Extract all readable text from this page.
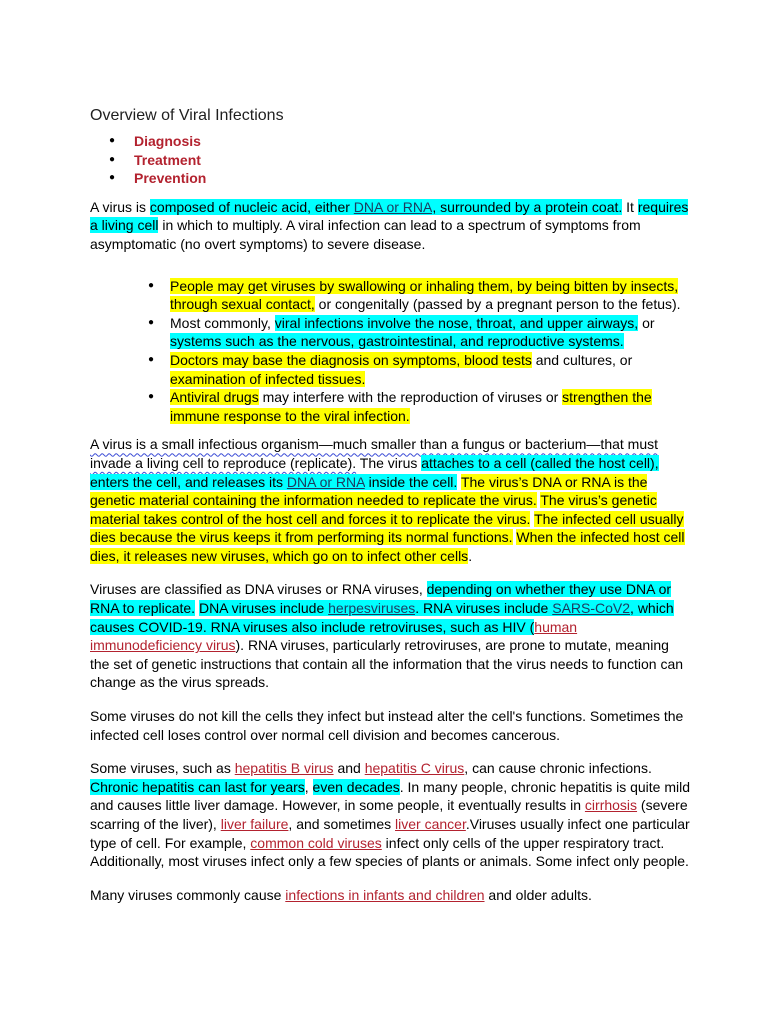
Overview of Viral Infections
● Diagnosis
● Treatment
● Prevention

A virus is composed of nucleic acid, either DNA or RNA, surrounded by a protein coat. It requires a living cell in which to multiply. A viral infection can lead to a spectrum of symptoms from asymptomatic (no overt symptoms) to severe disease.

● People may get viruses by swallowing or inhaling them, by being bitten by insects, through sexual contact, or congenitally (passed by a pregnant person to the fetus).
● Most commonly, viral infections involve the nose, throat, and upper airways, or systems such as the nervous, gastrointestinal, and reproductive systems.
● Doctors may base the diagnosis on symptoms, blood tests and cultures, or examination of infected tissues.
● Antiviral drugs may interfere with the reproduction of viruses or strengthen the immune response to the viral infection.

A virus is a small infectious organism—much smaller than a fungus or bacterium—that must invade a living cell to reproduce (replicate). The virus attaches to a cell (called the host cell), enters the cell, and releases its DNA or RNA inside the cell. The virus’s DNA or RNA is the genetic material containing the information needed to replicate the virus. The virus’s genetic material takes control of the host cell and forces it to replicate the virus. The infected cell usually dies because the virus keeps it from performing its normal functions. When the infected host cell dies, it releases new viruses, which go on to infect other cells.

Viruses are classified as DNA viruses or RNA viruses, depending on whether they use DNA or RNA to replicate. DNA viruses include herpesviruses. RNA viruses include SARS-CoV2, which causes COVID-19. RNA viruses also include retroviruses, such as HIV (human immunodeficiency virus). RNA viruses, particularly retroviruses, are prone to mutate, meaning the set of genetic instructions that contain all the information that the virus needs to function can change as the virus spreads.

Some viruses do not kill the cells they infect but instead alter the cell's functions. Sometimes the infected cell loses control over normal cell division and becomes cancerous.

Some viruses, such as hepatitis B virus and hepatitis C virus, can cause chronic infections. Chronic hepatitis can last for years, even decades. In many people, chronic hepatitis is quite mild and causes little liver damage. However, in some people, it eventually results in cirrhosis (severe scarring of the liver), liver failure, and sometimes liver cancer.Viruses usually infect one particular type of cell. For example, common cold viruses infect only cells of the upper respiratory tract. Additionally, most viruses infect only a few species of plants or animals. Some infect only people.

Many viruses commonly cause infections in infants and children and older adults.
